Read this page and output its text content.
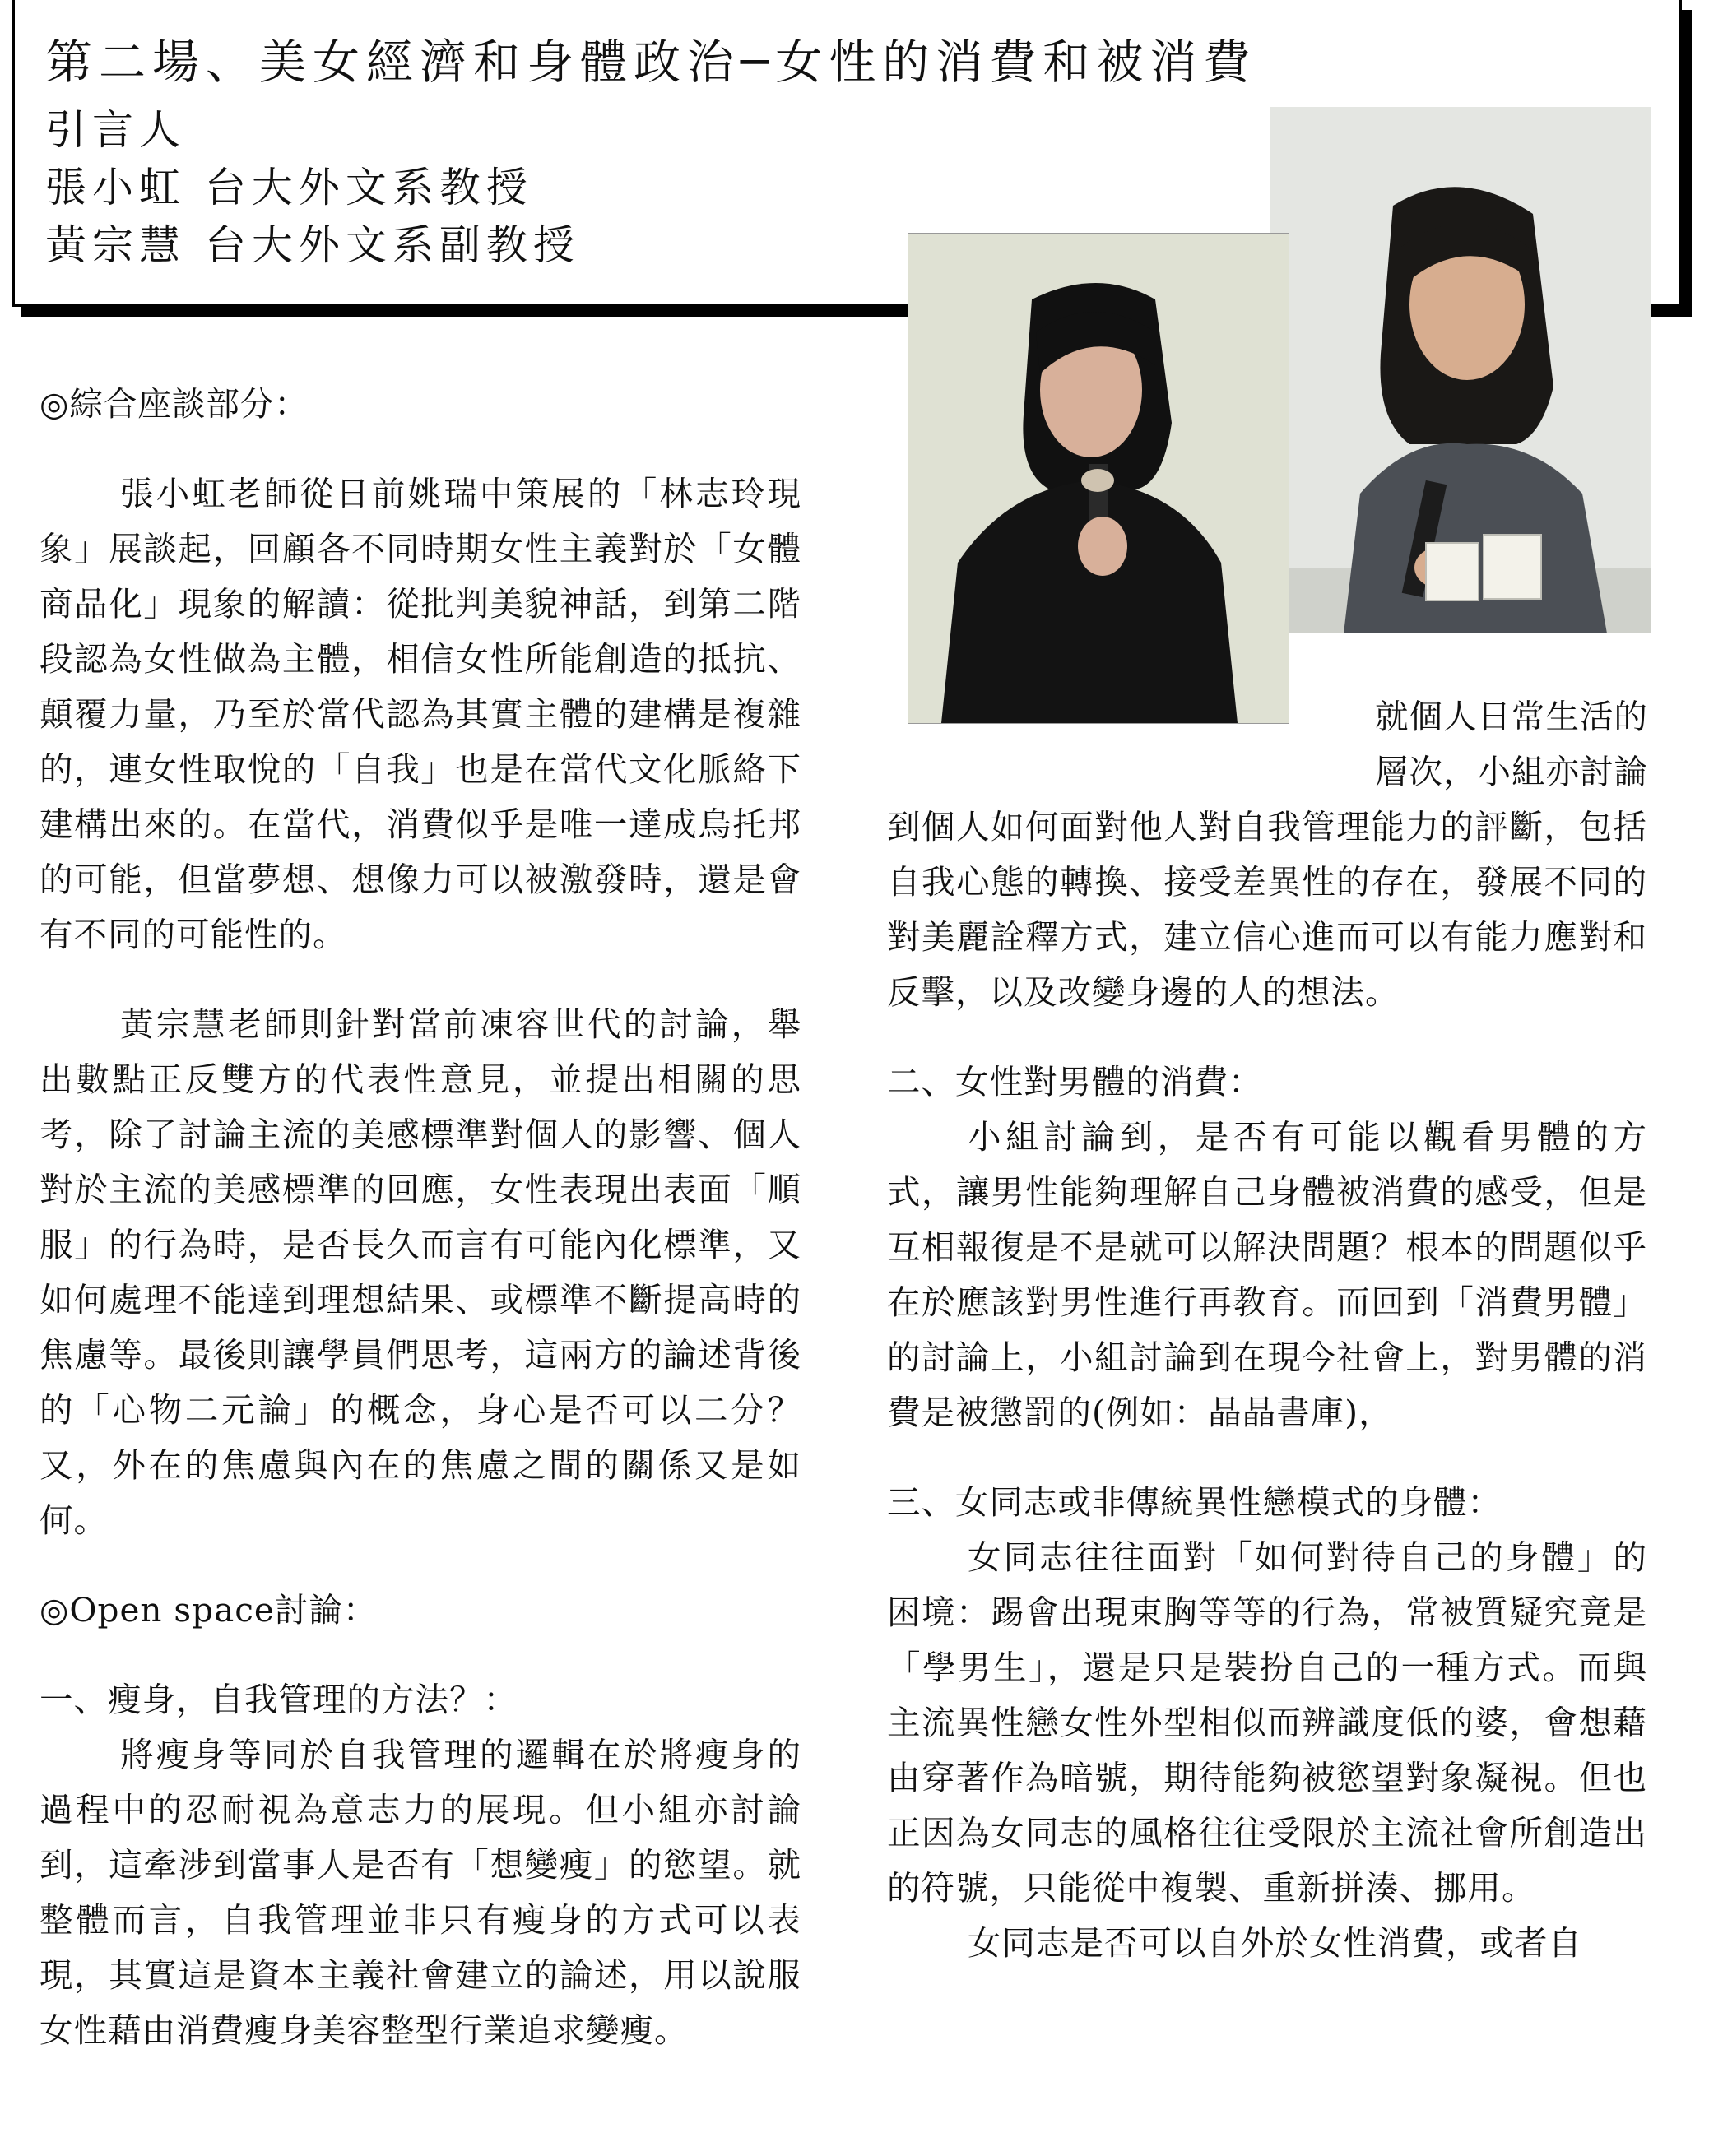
第二場、美女經濟和身體政治─女性的消費和被消費
引言人
張小虹 台大外文系教授
黃宗慧 台大外文系副教授

◎綜合座談部分：

張小虹老師從日前姚瑞中策展的「林志玲現象」展談起，回顧各不同時期女性主義對於「女體商品化」現象的解讀：從批判美貌神話，到第二階段認為女性做為主體，相信女性所能創造的抵抗、顛覆力量，乃至於當代認為其實主體的建構是複雜的，連女性取悅的「自我」也是在當代文化脈絡下建構出來的。在當代，消費似乎是唯一達成烏托邦的可能，但當夢想、想像力可以被激發時，還是會有不同的可能性的。

黃宗慧老師則針對當前凍容世代的討論，舉出數點正反雙方的代表性意見，並提出相關的思考，除了討論主流的美感標準對個人的影響、個人對於主流的美感標準的回應，女性表現出表面「順服」的行為時，是否長久而言有可能內化標準，又如何處理不能達到理想結果、或標準不斷提高時的焦慮等。最後則讓學員們思考，這兩方的論述背後的「心物二元論」的概念，身心是否可以二分？又，外在的焦慮與內在的焦慮之間的關係又是如何。

◎Open space討論：

一、瘦身，自我管理的方法？：

將瘦身等同於自我管理的邏輯在於將瘦身的過程中的忍耐視為意志力的展現。但小組亦討論到，這牽涉到當事人是否有「想變瘦」的慾望。就整體而言，自我管理並非只有瘦身的方式可以表現，其實這是資本主義社會建立的論述，用以說服女性藉由消費瘦身美容整型行業追求變瘦。

就個人日常生活的

層次，小組亦討論

到個人如何面對他人對自我管理能力的評斷，包括自我心態的轉換、接受差異性的存在，發展不同的對美麗詮釋方式，建立信心進而可以有能力應對和反擊，以及改變身邊的人的想法。

二、女性對男體的消費：

小組討論到，是否有可能以觀看男體的方式，讓男性能夠理解自己身體被消費的感受，但是互相報復是不是就可以解決問題？根本的問題似乎在於應該對男性進行再教育。而回到「消費男體」的討論上，小組討論到在現今社會上，對男體的消費是被懲罰的(例如：晶晶書庫)，

三、女同志或非傳統異性戀模式的身體：

女同志往往面對「如何對待自己的身體」的困境：踢會出現束胸等等的行為，常被質疑究竟是「學男生」，還是只是裝扮自己的一種方式。而與主流異性戀女性外型相似而辨識度低的婆，會想藉由穿著作為暗號，期待能夠被慾望對象凝視。但也正因為女同志的風格往往受限於主流社會所創造出的符號，只能從中複製、重新拼湊、挪用。

女同志是否可以自外於女性消費，或者自
